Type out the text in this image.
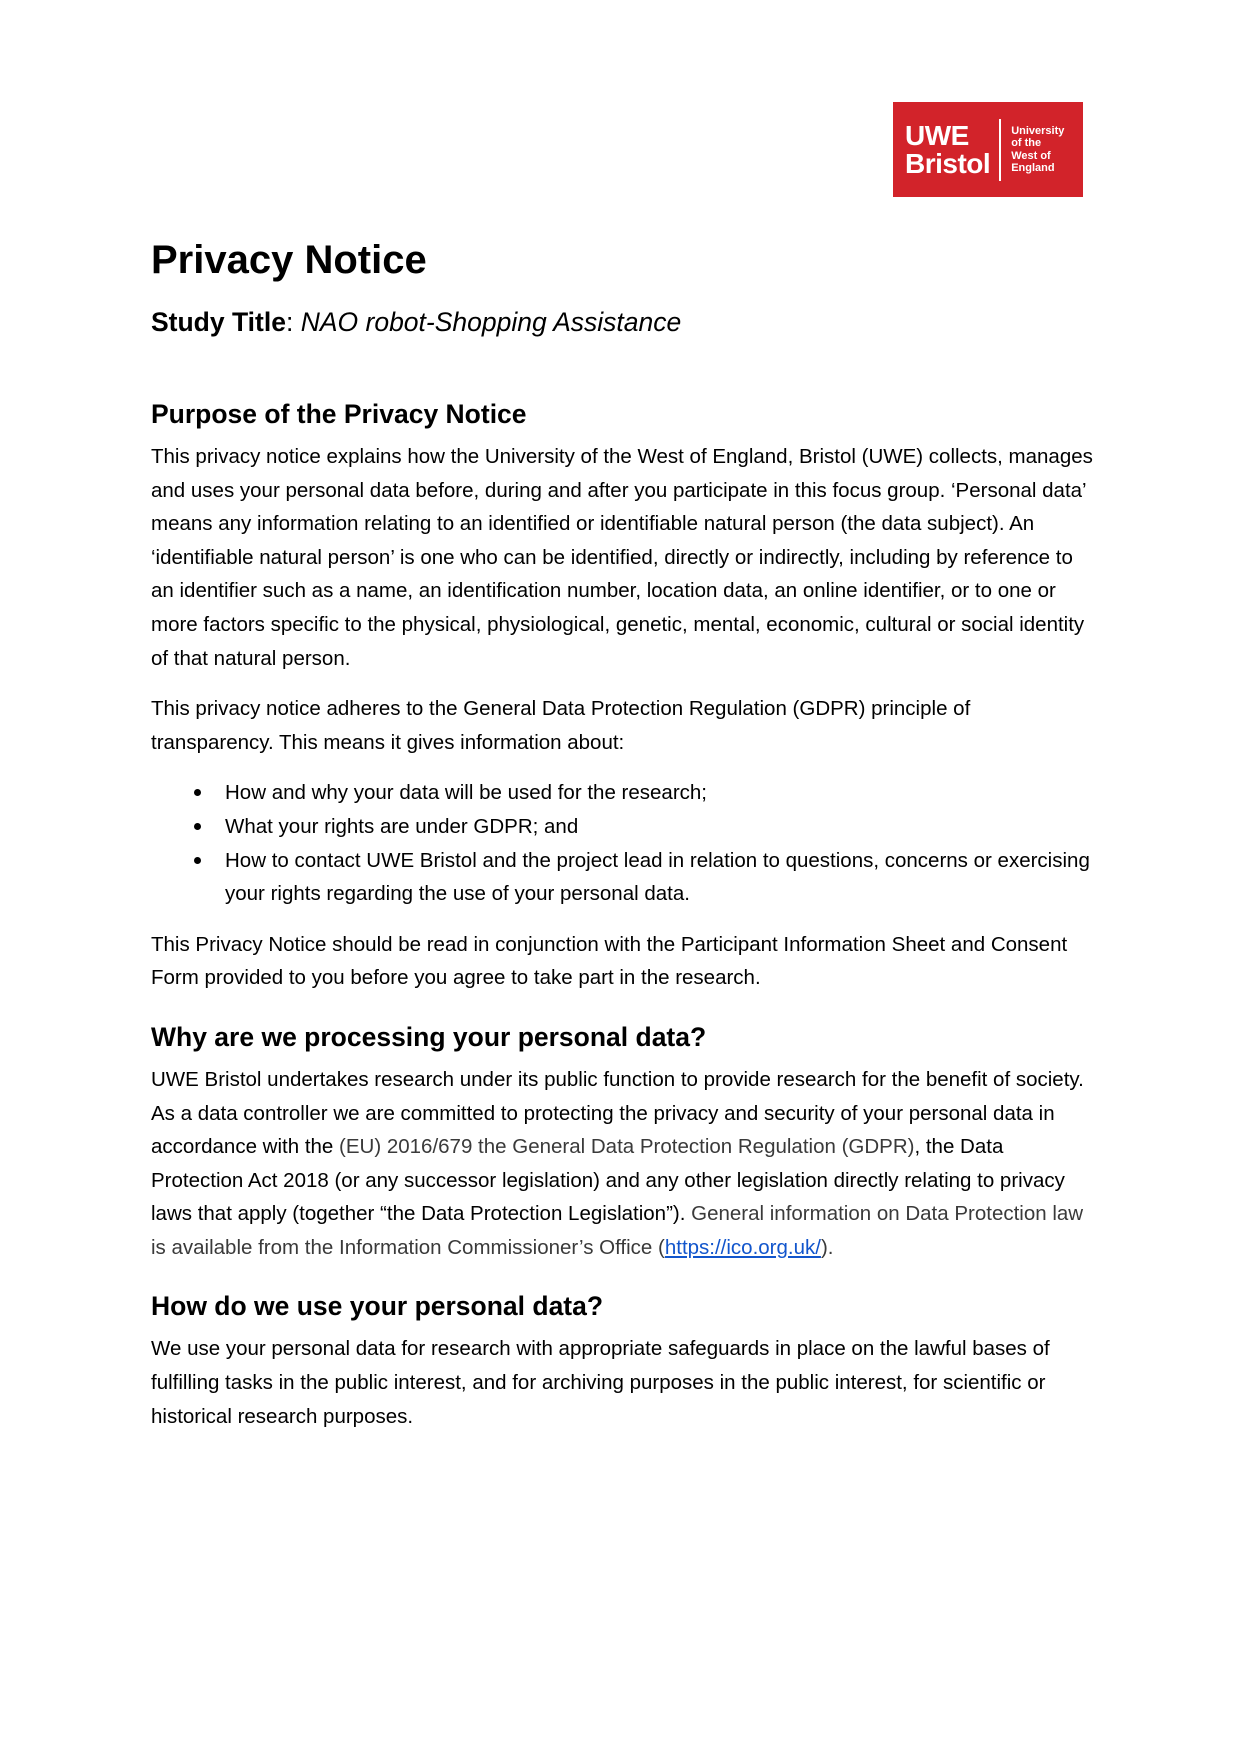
UWE
Bristol
University
of the
West of
England
Privacy Notice
Study Title: NAO robot-Shopping Assistance
Purpose of the Privacy Notice

This privacy notice explains how the University of the West of England, Bristol (UWE) collects, manages and uses your personal data before, during and after you participate in this focus group. ‘Personal data’ means any information relating to an identified or identifiable natural person (the data subject). An ‘identifiable natural person’ is one who can be identified, directly or indirectly, including by reference to an identifier such as a name, an identification number, location data, an online identifier, or to one or more factors specific to the physical, physiological, genetic, mental, economic, cultural or social identity of that natural person.

This privacy notice adheres to the General Data Protection Regulation (GDPR) principle of transparency. This means it gives information about:

How and why your data will be used for the research;
What your rights are under GDPR; and
How to contact UWE Bristol and the project lead in relation to questions, concerns or exercising your rights regarding the use of your personal data.

This Privacy Notice should be read in conjunction with the Participant Information Sheet and Consent Form provided to you before you agree to take part in the research.

Why are we processing your personal data?

UWE Bristol undertakes research under its public function to provide research for the benefit of society. As a data controller we are committed to protecting the privacy and security of your personal data in accordance with the (EU) 2016/679 the General Data Protection Regulation (GDPR), the Data Protection Act 2018 (or any successor legislation) and any other legislation directly relating to privacy laws that apply (together “the Data Protection Legislation”). General information on Data Protection law is available from the Information Commissioner’s Office (https://ico.org.uk/).

How do we use your personal data?

We use your personal data for research with appropriate safeguards in place on the lawful bases of fulfilling tasks in the public interest, and for archiving purposes in the public interest, for scientific or historical research purposes.
